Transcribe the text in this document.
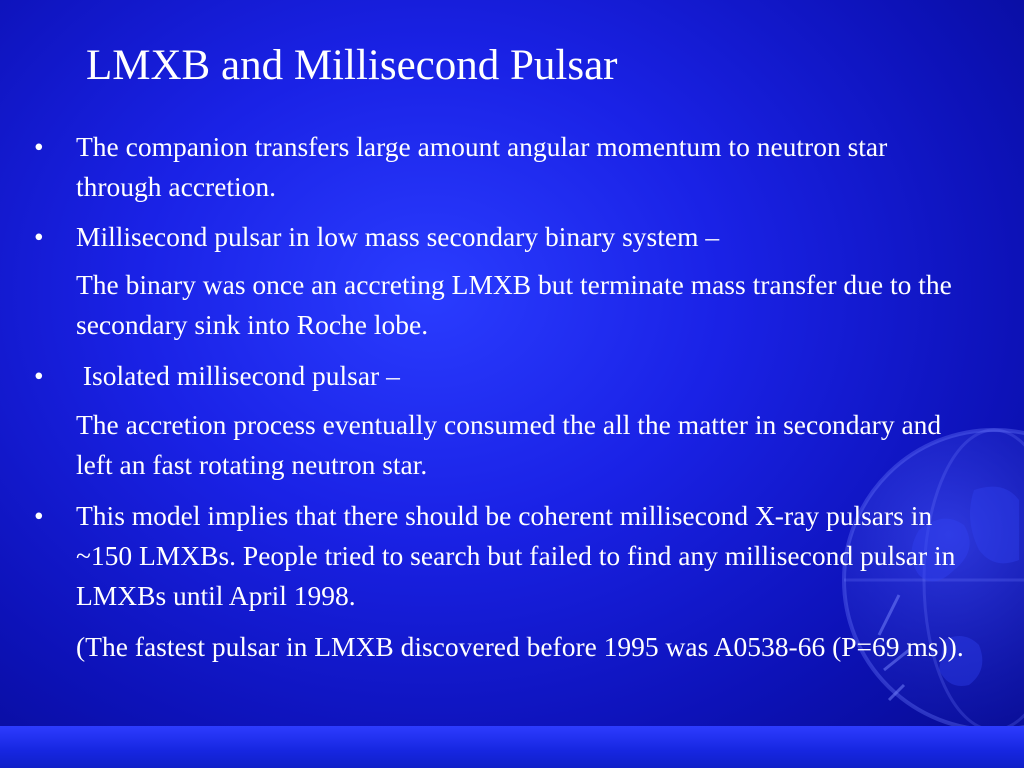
LMXB and Millisecond Pulsar
• The companion transfers large amount angular momentum to neutron star through accretion.

• Millisecond pulsar in low mass secondary binary system –

The binary was once an accreting LMXB but terminate mass transfer due to the secondary sink into Roche lobe.

• Isolated millisecond pulsar –

The accretion process eventually consumed the all the matter in secondary and left an fast rotating neutron star.

• This model implies that there should be coherent millisecond X-ray pulsars in ~150 LMXBs. People tried to search but failed to find any millisecond pulsar in LMXBs until April 1998.

(The fastest pulsar in LMXB discovered before 1995 was A0538-66 (P=69 ms)).
